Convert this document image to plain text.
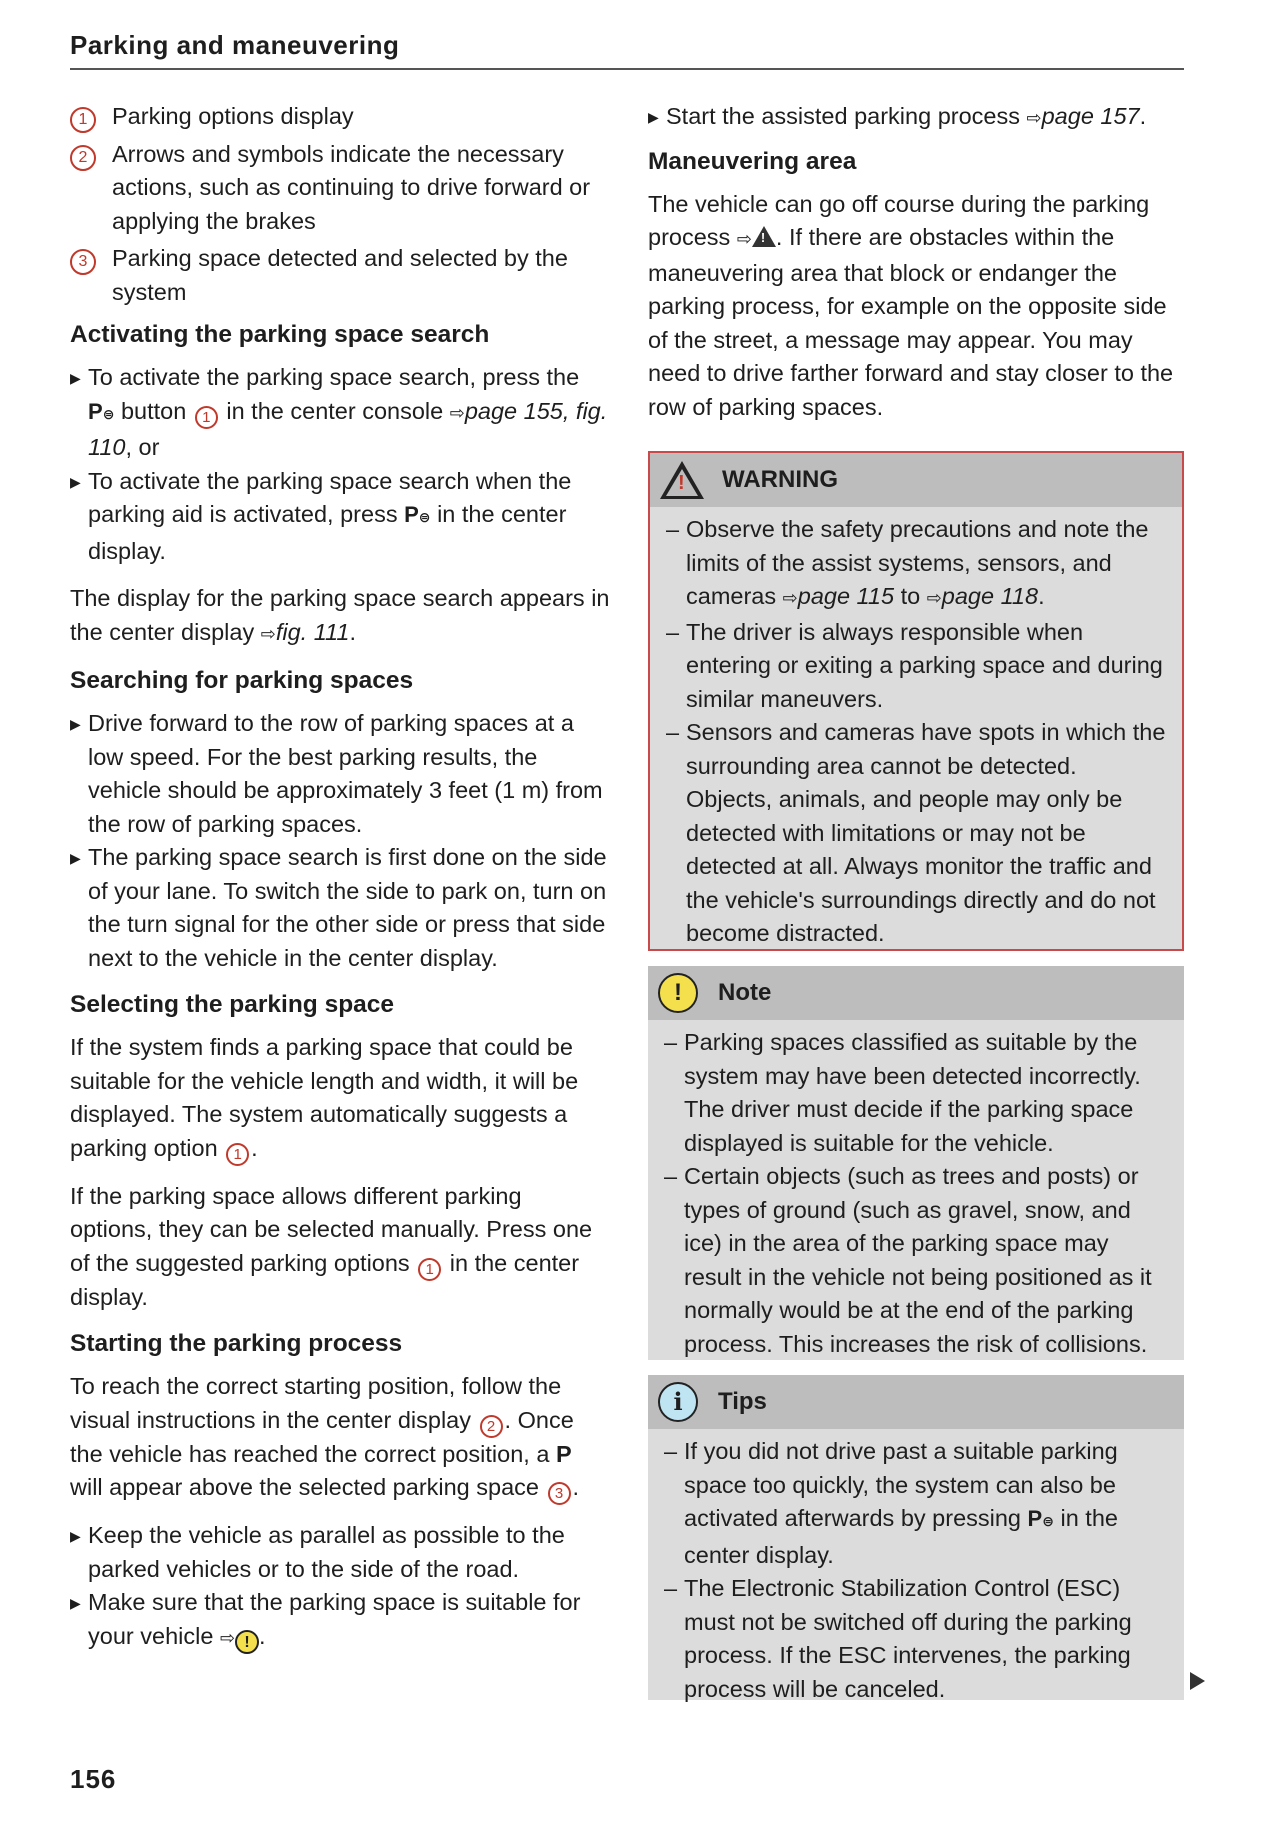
Parking and maneuvering
1	Parking options display
2	Arrows and symbols indicate the necessary actions, such as continuing to drive forward or applying the brakes
3	Parking space detected and selected by the system
Activating the parking space search
▶ To activate the parking space search, press the P⊜ button 1 in the center console ⇨page 155, fig. 110, or
▶ To activate the parking space search when the parking aid is activated, press P⊜ in the center display.

The display for the parking space search appears in the center display ⇨fig. 111.

Searching for parking spaces
▶ Drive forward to the row of parking spaces at a low speed. For the best parking results, the vehicle should be approximately 3 feet (1 m) from the row of parking spaces.
▶ The parking space search is first done on the side of your lane. To switch the side to park on, turn on the turn signal for the other side or press that side next to the vehicle in the center display.
Selecting the parking space

If the system finds a parking space that could be suitable for the vehicle length and width, it will be displayed. The system automatically suggests a parking option 1 .

If the parking space allows different parking options, they can be selected manually. Press one of the suggested parking options 1 in the center display.

Starting the parking process

To reach the correct starting position, follow the visual instructions in the center display 2 . Once the vehicle has reached the correct position, a P will appear above the selected parking space 3 .

▶ Keep the vehicle as parallel as possible to the parked vehicles or to the side of the road.
▶ Make sure that the parking space is suitable for your vehicle ⇨ ! .
▶ Start the assisted parking process ⇨page 157.
Maneuvering area

The vehicle can go off course during the parking process ⇨ ! . If there are obstacles within the maneuvering area that block or endanger the parking process, for example on the opposite side of the street, a message may appear. You may need to drive farther forward and stay closer to the row of parking spaces.

! WARNING
– Observe the safety precautions and note the limits of the assist systems, sensors, and cameras ⇨page 115 to ⇨page 118.
– The driver is always responsible when entering or exiting a parking space and during similar maneuvers.
– Sensors and cameras have spots in which the surrounding area cannot be detected. Objects, animals, and people may only be detected with limitations or may not be detected at all. Always monitor the traffic and the vehicle's surroundings directly and do not become distracted.
!	Note
– Parking spaces classified as suitable by the system may have been detected incorrectly. The driver must decide if the parking space displayed is suitable for the vehicle.
– Certain objects (such as trees and posts) or types of ground (such as gravel, snow, and ice) in the area of the parking space may result in the vehicle not being positioned as it normally would be at the end of the parking process. This increases the risk of collisions.
i	Tips
– If you did not drive past a suitable parking space too quickly, the system can also be activated afterwards by pressing P⊜ in the center display.
– The Electronic Stabilization Control (ESC) must not be switched off during the parking process. If the ESC intervenes, the parking process will be canceled.
156
